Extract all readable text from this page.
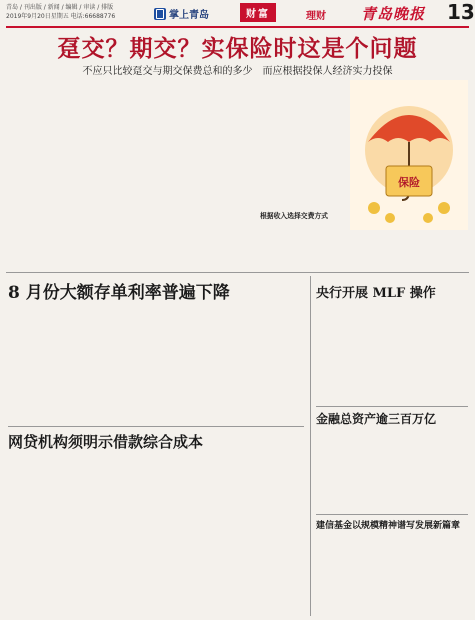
青岛 / 刊出版 / 新闻 / 编辑 / 审读 / 排版
2019年9月20日星期五 电话:66688776	掌上青岛	财富	理财 青岛晚报 13
趸交？期交？实保险时这是个问题
不应只比较趸交与期交保费总和的多少　而应根据投保人经济实力投保
保险
根据收入选择交费方式
8 月份大额存单利率普遍下降
网贷机构须明示借款综合成本
央行开展 MLF 操作
金融总资产逾三百万亿
建信基金以规模精神谱写发展新篇章
